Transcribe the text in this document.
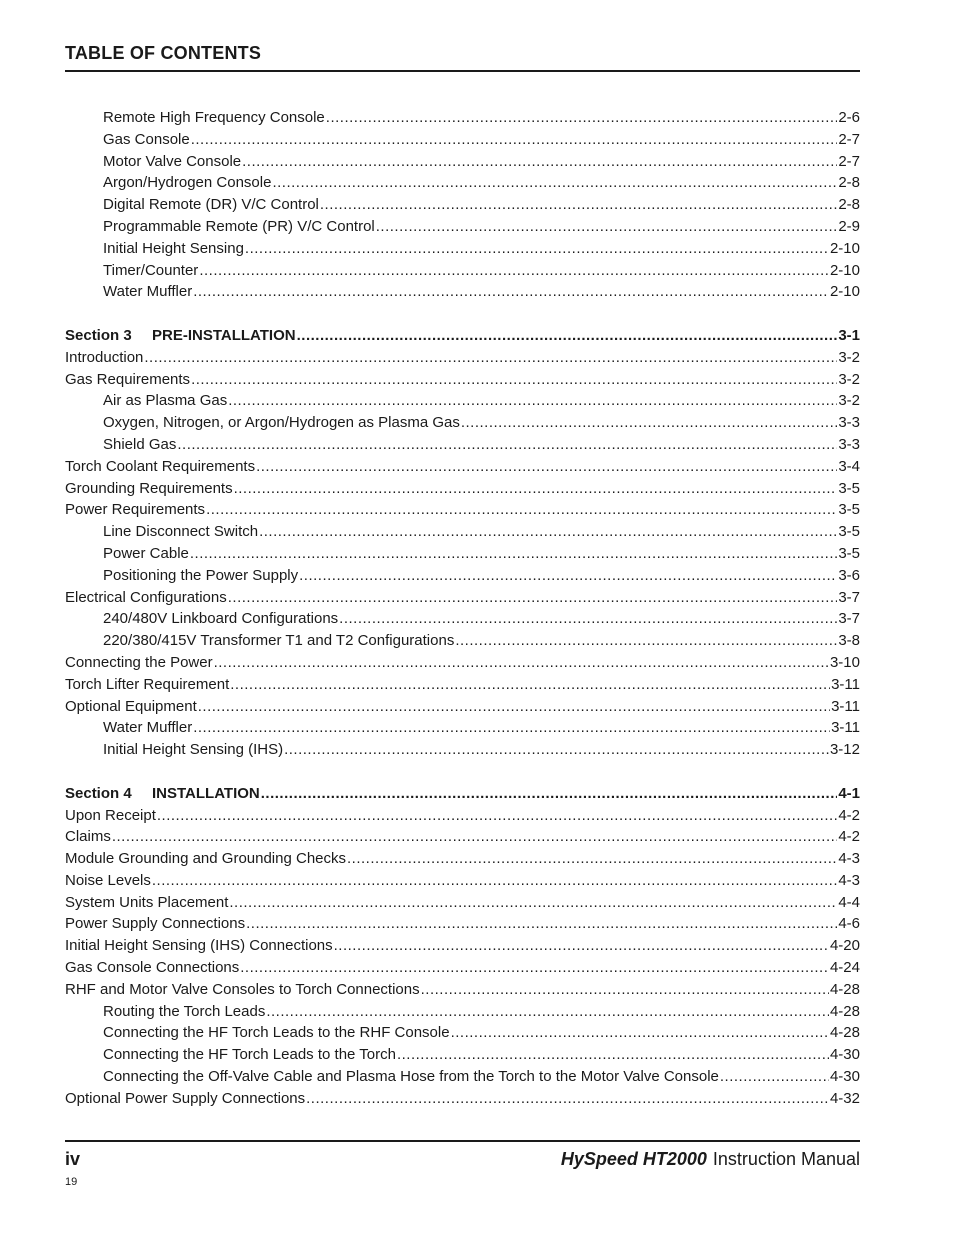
TABLE OF CONTENTS
Remote High Frequency Console .....	2-6
Gas Console .....	2-7
Motor Valve Console .....	2-7
Argon/Hydrogen Console .....	2-8
Digital Remote (DR) V/C Control .....	2-8
Programmable Remote (PR) V/C Control .....	2-9
Initial Height Sensing .....	2-10
Timer/Counter .....	2-10
Water Muffler .....	2-10
Section 3 PRE-INSTALLATION .....	3-1
Introduction .....	3-2
Gas Requirements .....	3-2
Air as Plasma Gas .....	3-2
Oxygen, Nitrogen, or Argon/Hydrogen as Plasma Gas .....	3-3
Shield Gas .....	3-3
Torch Coolant Requirements .....	3-4
Grounding Requirements .....	3-5
Power Requirements .....	3-5
Line Disconnect Switch .....	3-5
Power Cable .....	3-5
Positioning the Power Supply .....	3-6
Electrical Configurations .....	3-7
240/480V Linkboard Configurations .....	3-7
220/380/415V Transformer T1 and T2 Configurations .....	3-8
Connecting the Power .....	3-10
Torch Lifter Requirement .....	3-11
Optional Equipment .....	3-11
Water Muffler .....	3-11
Initial Height Sensing (IHS) .....	3-12
Section 4 INSTALLATION .....	4-1
Upon Receipt .....	4-2
Claims .....	4-2
Module Grounding and Grounding Checks .....	4-3
Noise Levels .....	4-3
System Units Placement .....	4-4
Power Supply Connections .....	4-6
Initial Height Sensing (IHS) Connections .....	4-20
Gas Console Connections .....	4-24
RHF and Motor Valve Consoles to Torch Connections .....	4-28
Routing the Torch Leads .....	4-28
Connecting the HF Torch Leads to the RHF Console .....	4-28
Connecting the HF Torch Leads to the Torch .....	4-30
Connecting the Off-Valve Cable and Plasma Hose from the Torch to the Motor Valve Console .....	4-30
Optional Power Supply Connections .....	4-32
iv	HySpeed HT2000 Instruction Manual
19
